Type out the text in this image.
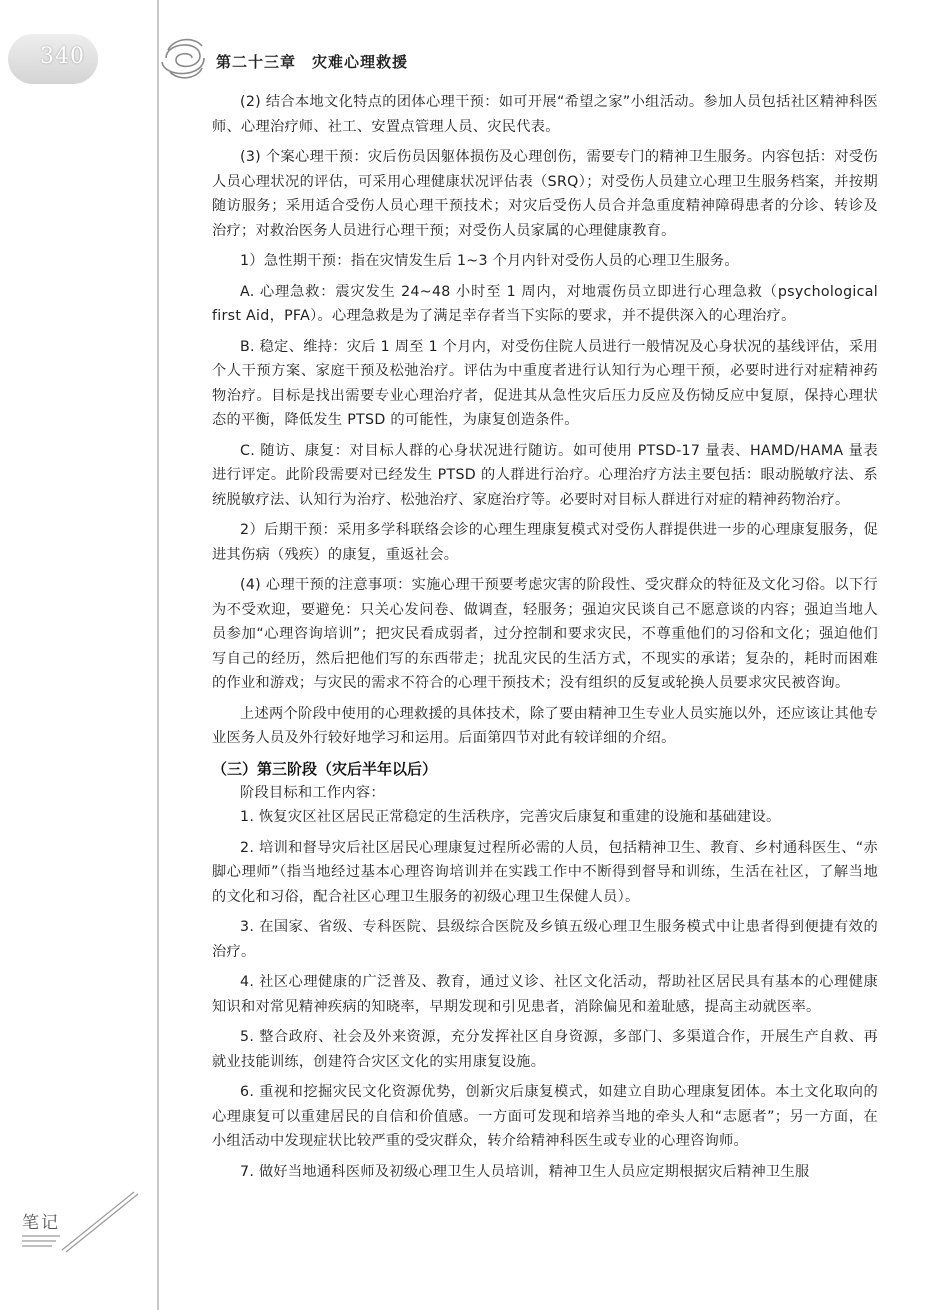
340	第二十三章　灾难心理救援

(2) 结合本地文化特点的团体心理干预：如可开展“希望之家”小组活动。参加人员包括社区精神科医师、心理治疗师、社工、安置点管理人员、灾民代表。

(3) 个案心理干预：灾后伤员因躯体损伤及心理创伤，需要专门的精神卫生服务。内容包括：对受伤人员心理状况的评估，可采用心理健康状况评估表（SRQ）；对受伤人员建立心理卫生服务档案，并按期随访服务；采用适合受伤人员心理干预技术；对灾后受伤人员合并急重度精神障碍患者的分诊、转诊及治疗；对救治医务人员进行心理干预；对受伤人员家属的心理健康教育。

1）急性期干预：指在灾情发生后 1~3 个月内针对受伤人员的心理卫生服务。

A. 心理急救：震灾发生 24~48 小时至 1 周内，对地震伤员立即进行心理急救（psychological first Aid，PFA）。心理急救是为了满足幸存者当下实际的要求，并不提供深入的心理治疗。

B. 稳定、维持：灾后 1 周至 1 个月内，对受伤住院人员进行一般情况及心身状况的基线评估，采用个人干预方案、家庭干预及松弛治疗。评估为中重度者进行认知行为心理干预，必要时进行对症精神药物治疗。目标是找出需要专业心理治疗者，促进其从急性灾后压力反应及伤恸反应中复原，保持心理状态的平衡，降低发生 PTSD 的可能性，为康复创造条件。

C. 随访、康复：对目标人群的心身状况进行随访。如可使用 PTSD-17 量表、HAMD/HAMA 量表进行评定。此阶段需要对已经发生 PTSD 的人群进行治疗。心理治疗方法主要包括：眼动脱敏疗法、系统脱敏疗法、认知行为治疗、松弛治疗、家庭治疗等。必要时对目标人群进行对症的精神药物治疗。

2）后期干预：采用多学科联络会诊的心理生理康复模式对受伤人群提供进一步的心理康复服务，促进其伤病（残疾）的康复，重返社会。

(4) 心理干预的注意事项：实施心理干预要考虑灾害的阶段性、受灾群众的特征及文化习俗。以下行为不受欢迎，要避免：只关心发问卷、做调查，轻服务；强迫灾民谈自己不愿意谈的内容；强迫当地人员参加“心理咨询培训”；把灾民看成弱者，过分控制和要求灾民，不尊重他们的习俗和文化；强迫他们写自己的经历，然后把他们写的东西带走；扰乱灾民的生活方式，不现实的承诺；复杂的，耗时而困难的作业和游戏；与灾民的需求不符合的心理干预技术；没有组织的反复或轮换人员要求灾民被咨询。

上述两个阶段中使用的心理救援的具体技术，除了要由精神卫生专业人员实施以外，还应该让其他专业医务人员及外行较好地学习和运用。后面第四节对此有较详细的介绍。

（三）第三阶段（灾后半年以后）

阶段目标和工作内容：

1. 恢复灾区社区居民正常稳定的生活秩序，完善灾后康复和重建的设施和基础建设。

2. 培训和督导灾后社区居民心理康复过程所必需的人员，包括精神卫生、教育、乡村通科医生、“赤脚心理师”（指当地经过基本心理咨询培训并在实践工作中不断得到督导和训练，生活在社区，了解当地的文化和习俗，配合社区心理卫生服务的初级心理卫生保健人员）。

3. 在国家、省级、专科医院、县级综合医院及乡镇五级心理卫生服务模式中让患者得到便捷有效的治疗。

4. 社区心理健康的广泛普及、教育，通过义诊、社区文化活动，帮助社区居民具有基本的心理健康知识和对常见精神疾病的知晓率，早期发现和引见患者，消除偏见和羞耻感，提高主动就医率。

5. 整合政府、社会及外来资源，充分发挥社区自身资源，多部门、多渠道合作，开展生产自救、再就业技能训练，创建符合灾区文化的实用康复设施。

6. 重视和挖掘灾民文化资源优势，创新灾后康复模式，如建立自助心理康复团体。本土文化取向的心理康复可以重建居民的自信和价值感。一方面可发现和培养当地的牵头人和“志愿者”；另一方面，在小组活动中发现症状比较严重的受灾群众，转介给精神科医生或专业的心理咨询师。

7. 做好当地通科医师及初级心理卫生人员培训，精神卫生人员应定期根据灾后精神卫生服

笔记
